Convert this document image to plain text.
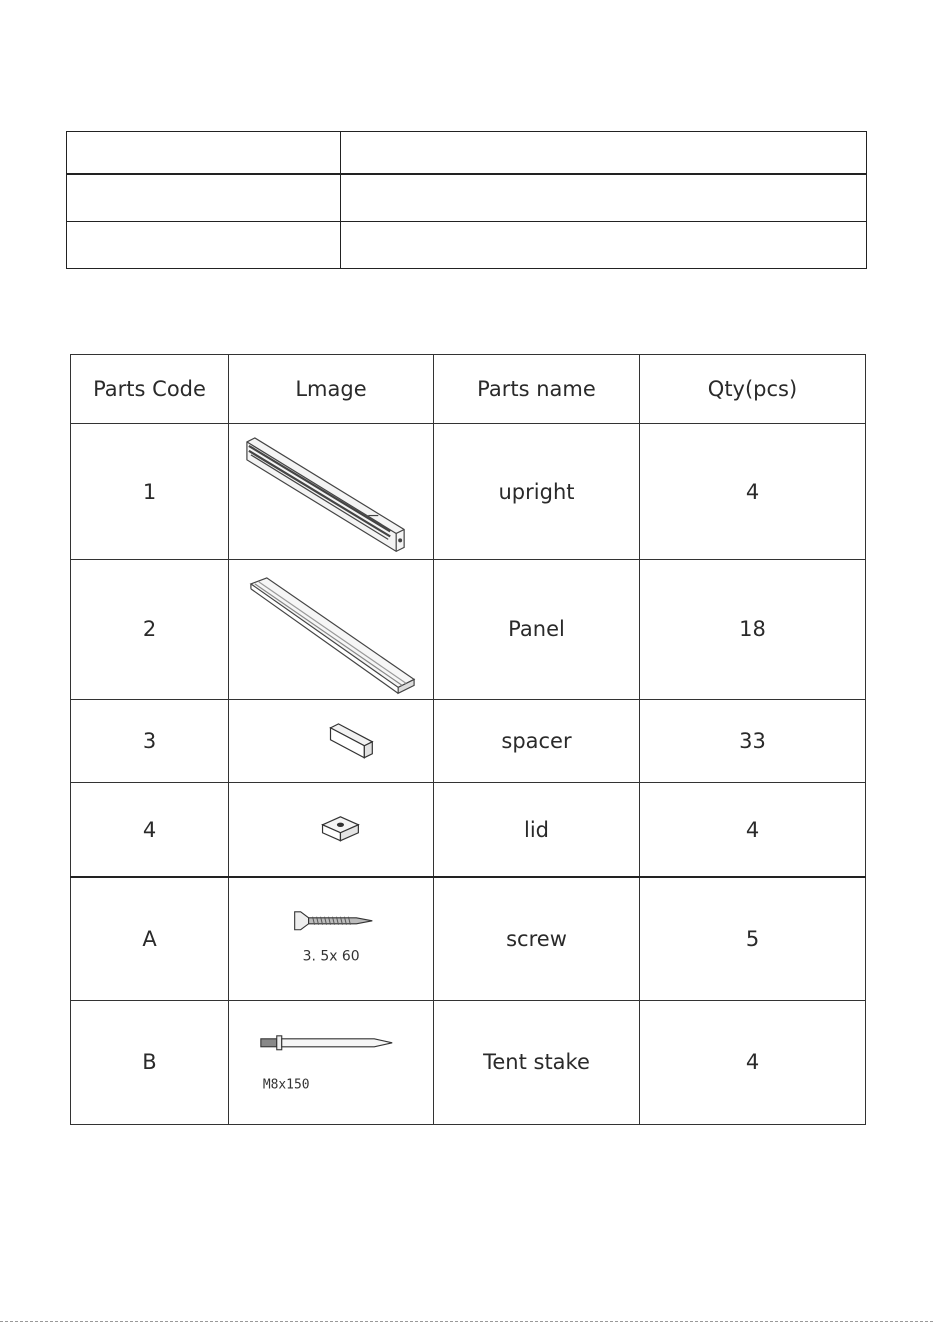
Parts Code	Lmage	Parts name	Qty(pcs)
1		upright	4
2		Panel	18
3		spacer	33
4		lid	4
A	3. 5x 60	screw	5
B	M8x150	Tent stake	4
